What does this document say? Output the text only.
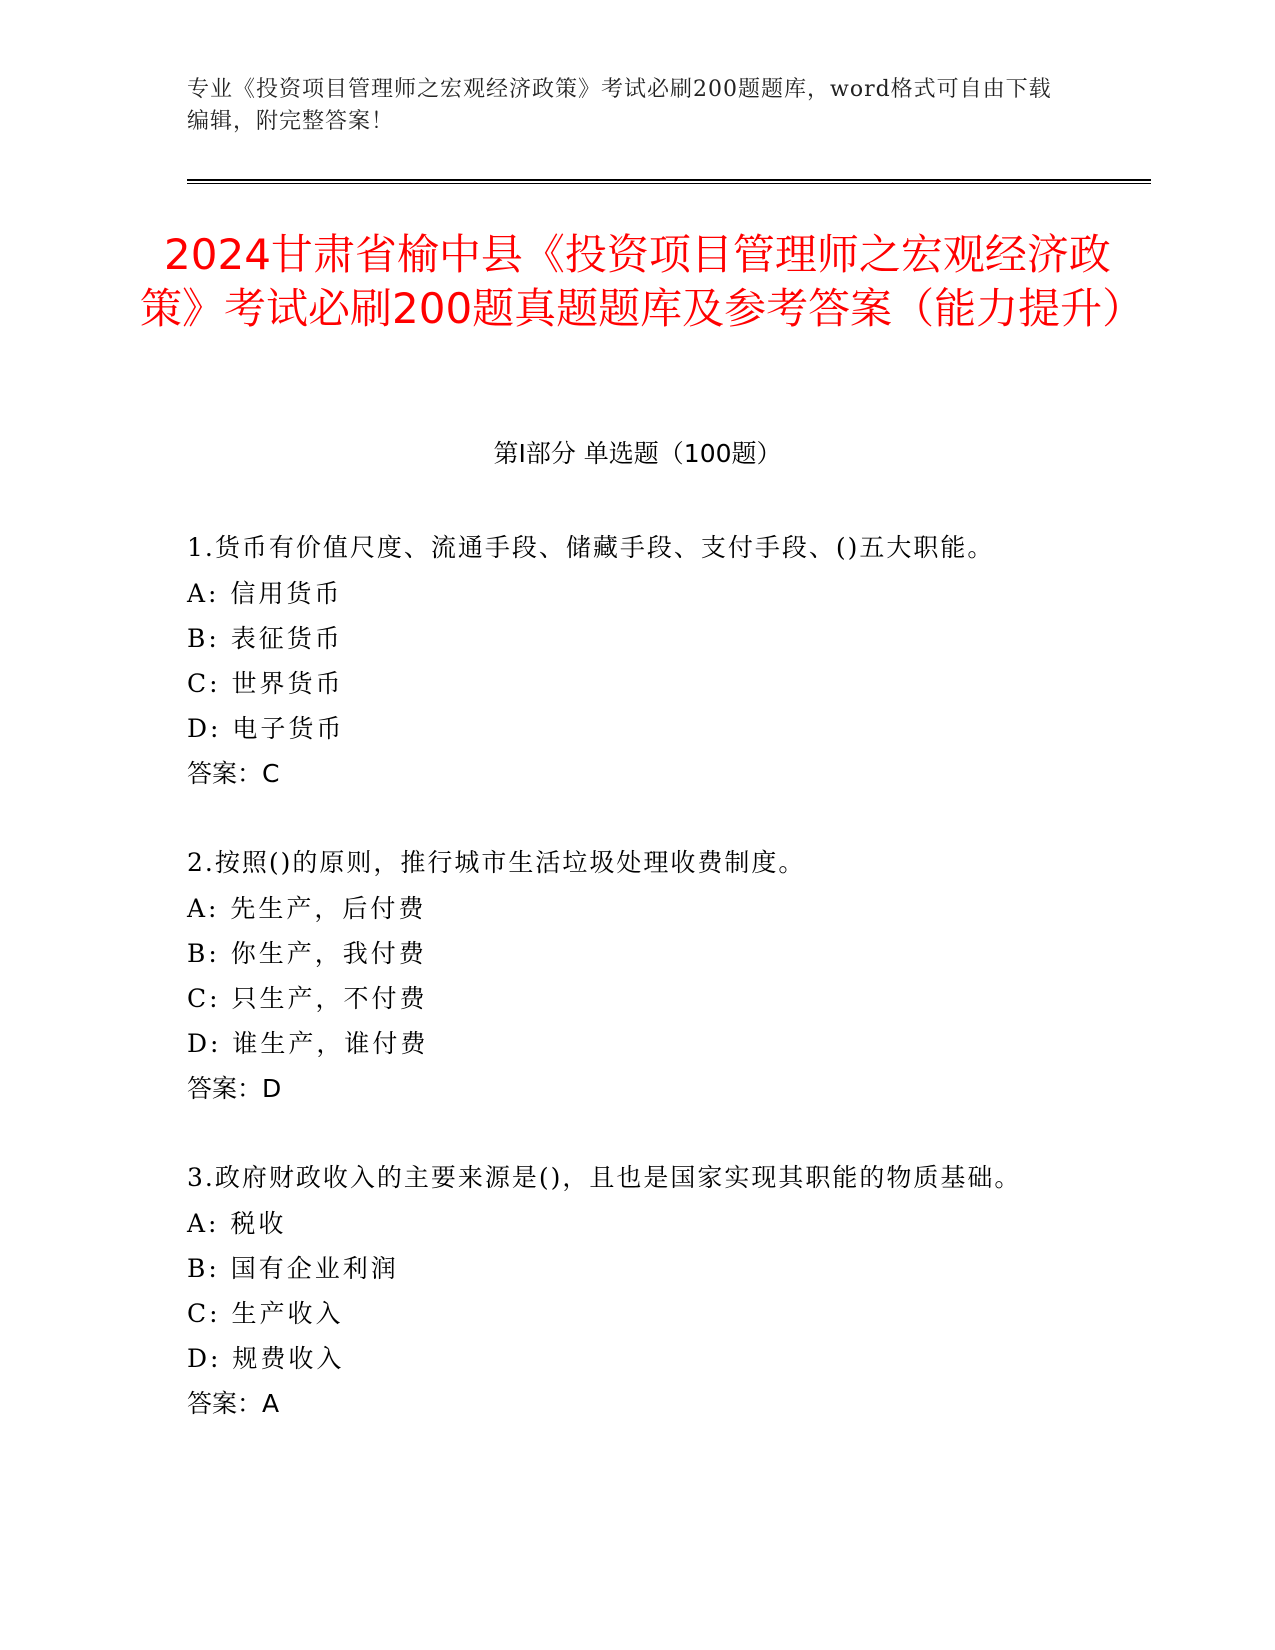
专业《投资项目管理师之宏观经济政策》考试必刷200题题库，word格式可自由下载编辑，附完整答案！

2024甘肃省榆中县《投资项目管理师之宏观经济政策》考试必刷200题真题题库及参考答案（能力提升）
第Ⅰ部分 单选题（100题）

1.货币有价值尺度、流通手段、储藏手段、支付手段、()五大职能。

A: 信用货币

B: 表征货币

C: 世界货币

D: 电子货币

答案：C

2.按照()的原则，推行城市生活垃圾处理收费制度。

A: 先生产，后付费

B: 你生产，我付费

C: 只生产，不付费

D: 谁生产，谁付费

答案：D

3.政府财政收入的主要来源是()，且也是国家实现其职能的物质基础。

A: 税收

B: 国有企业利润

C: 生产收入

D: 规费收入

答案：A
